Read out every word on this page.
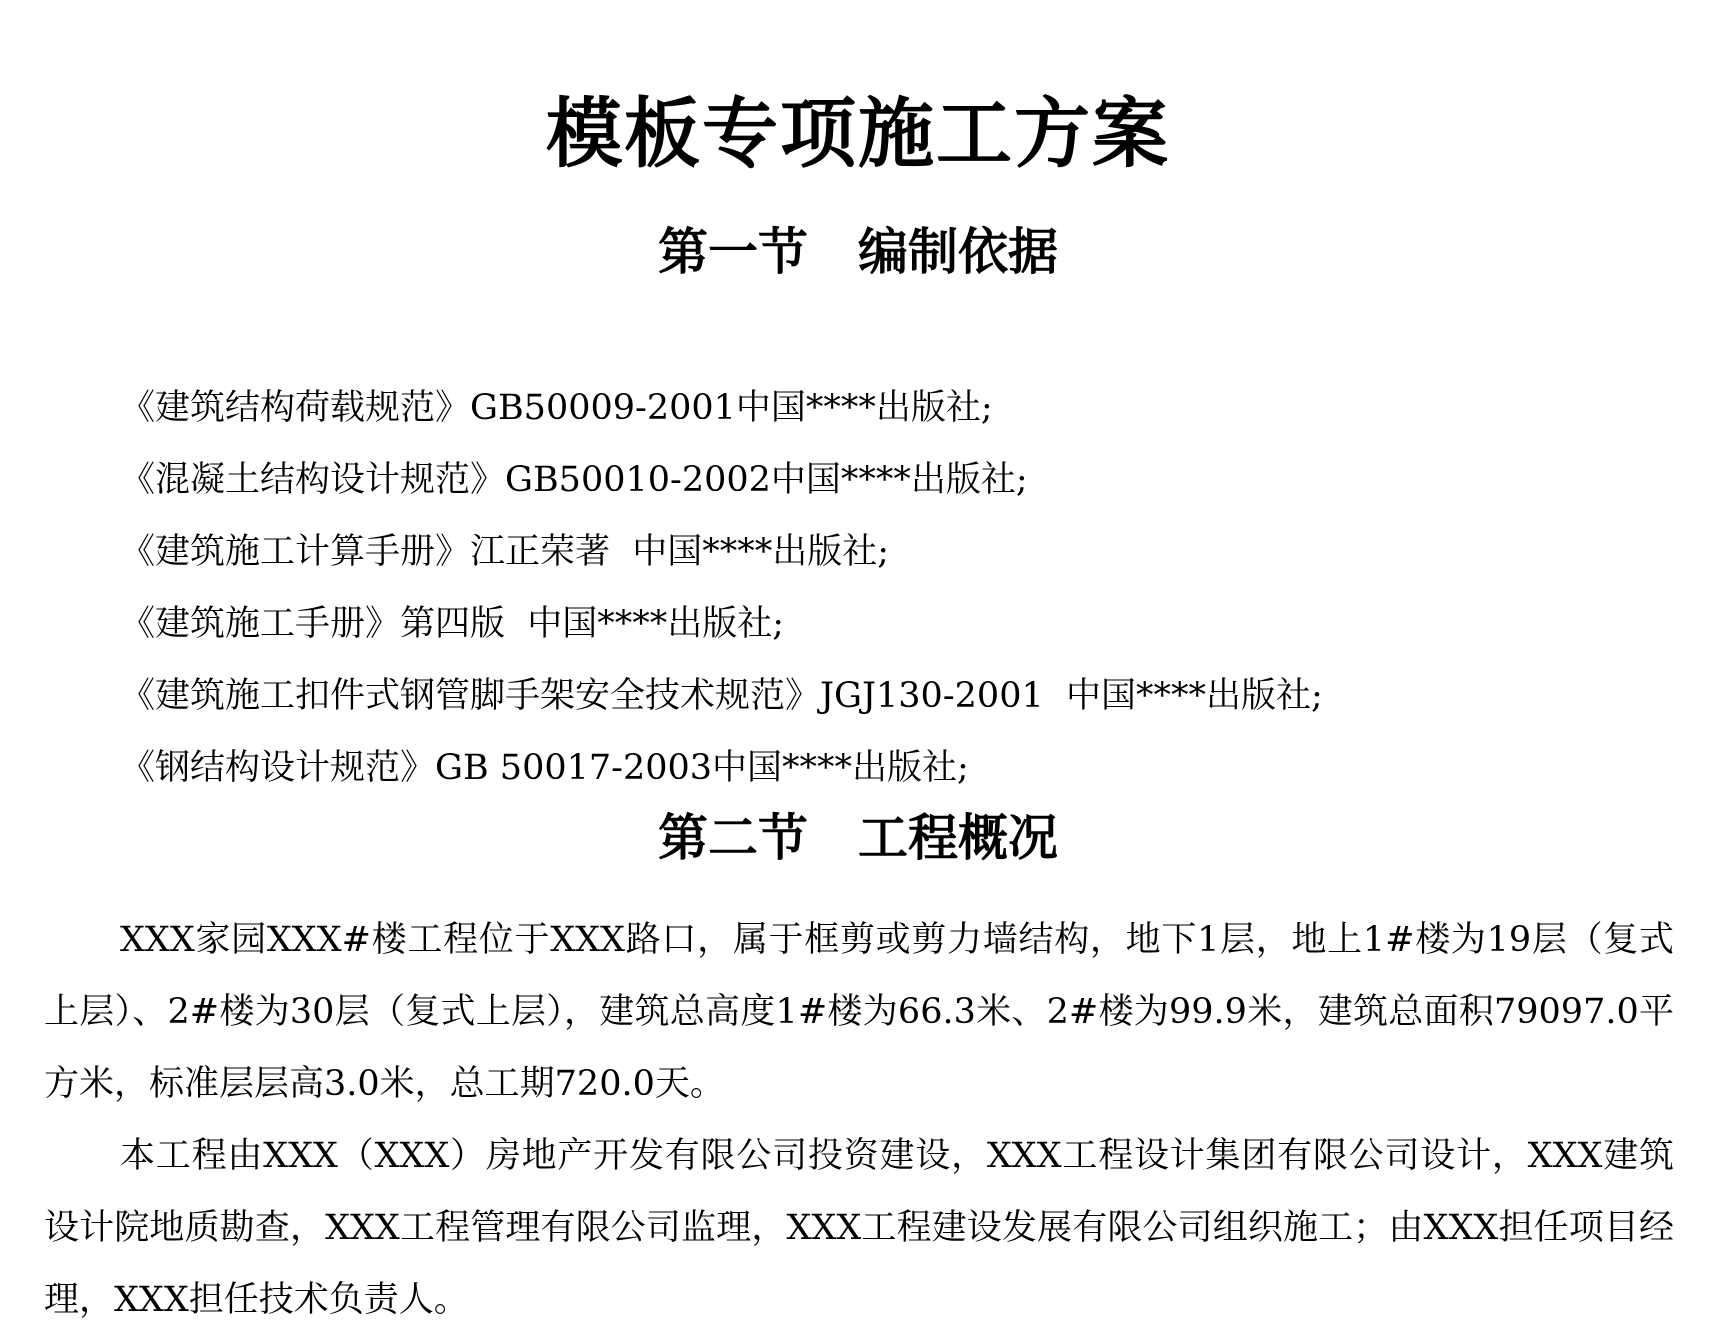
模板专项施工方案
第一节　编制依据
《建筑结构荷载规范》GB50009-2001中国****出版社;
《混凝土结构设计规范》GB50010-2002中国****出版社;
《建筑施工计算手册》江正荣著  中国****出版社;
《建筑施工手册》第四版  中国****出版社;
《建筑施工扣件式钢管脚手架安全技术规范》JGJ130-2001  中国****出版社;
《钢结构设计规范》GB 50017-2003中国****出版社;
第二节　工程概况

XXX家园XXX#楼工程位于XXX路口，属于框剪或剪力墙结构，地下1层，地上1#楼为19层（复式上层）、2#楼为30层（复式上层），建筑总高度1#楼为66.3米、2#楼为99.9米，建筑总面积79097.0平方米，标准层层高3.0米，总工期720.0天。

本工程由XXX（XXX）房地产开发有限公司投资建设，XXX工程设计集团有限公司设计，XXX建筑设计院地质勘查，XXX工程管理有限公司监理，XXX工程建设发展有限公司组织施工；由XXX担任项目经理，XXX担任技术负责人。
